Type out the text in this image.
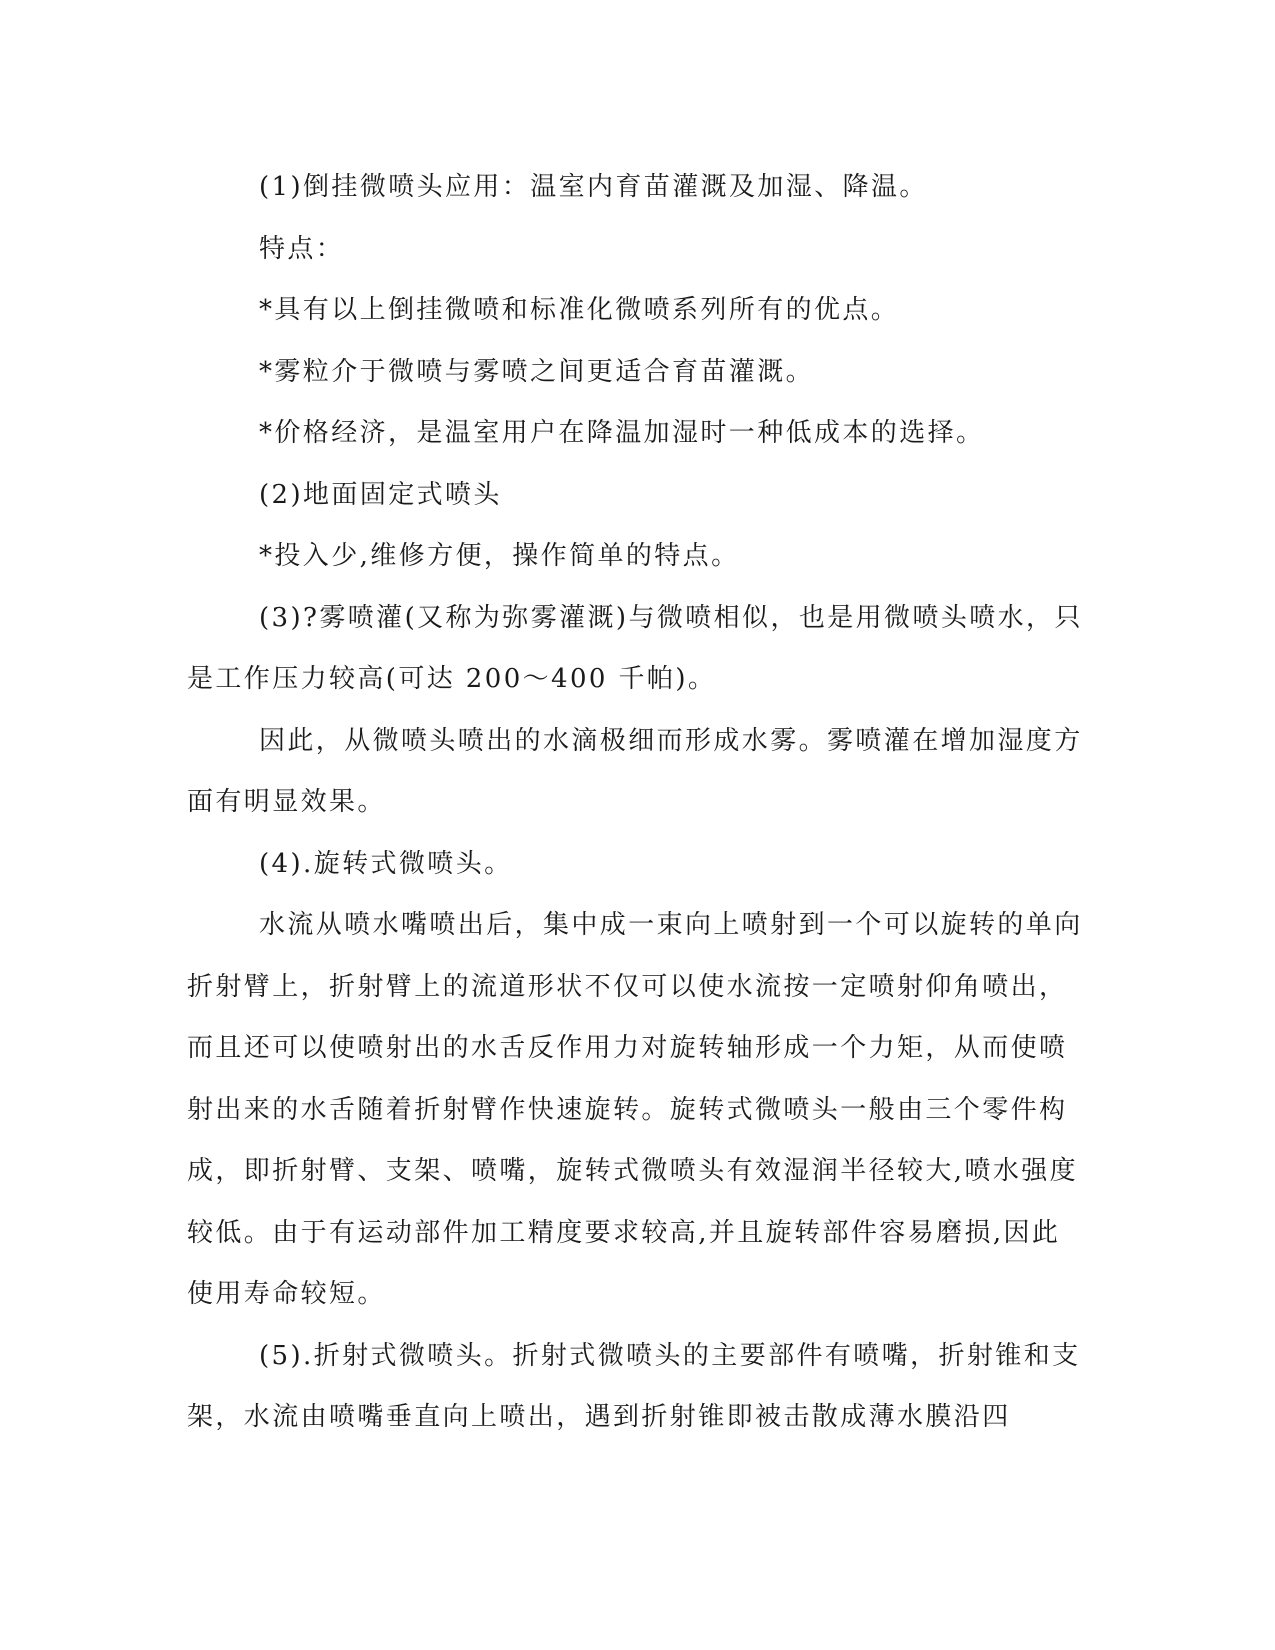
(1)倒挂微喷头应用：温室内育苗灌溉及加湿、降温。

特点：

*具有以上倒挂微喷和标准化微喷系列所有的优点。

*雾粒介于微喷与雾喷之间更适合育苗灌溉。

*价格经济，是温室用户在降温加湿时一种低成本的选择。

(2)地面固定式喷头

*投入少,维修方便，操作简单的特点。

(3)?雾喷灌(又称为弥雾灌溉)与微喷相似，也是用微喷头喷水，只是工作压力较高(可达 200～400 千帕)。

因此，从微喷头喷出的水滴极细而形成水雾。雾喷灌在增加湿度方面有明显效果。

(4).旋转式微喷头。

水流从喷水嘴喷出后，集中成一束向上喷射到一个可以旋转的单向折射臂上，折射臂上的流道形状不仅可以使水流按一定喷射仰角喷出，而且还可以使喷射出的水舌反作用力对旋转轴形成一个力矩，从而使喷射出来的水舌随着折射臂作快速旋转。旋转式微喷头一般由三个零件构成，即折射臂、支架、喷嘴，旋转式微喷头有效湿润半径较大,喷水强度较低。由于有运动部件加工精度要求较高,并且旋转部件容易磨损,因此使用寿命较短。

(5).折射式微喷头。折射式微喷头的主要部件有喷嘴，折射锥和支架，水流由喷嘴垂直向上喷出，遇到折射锥即被击散成薄水膜沿四
